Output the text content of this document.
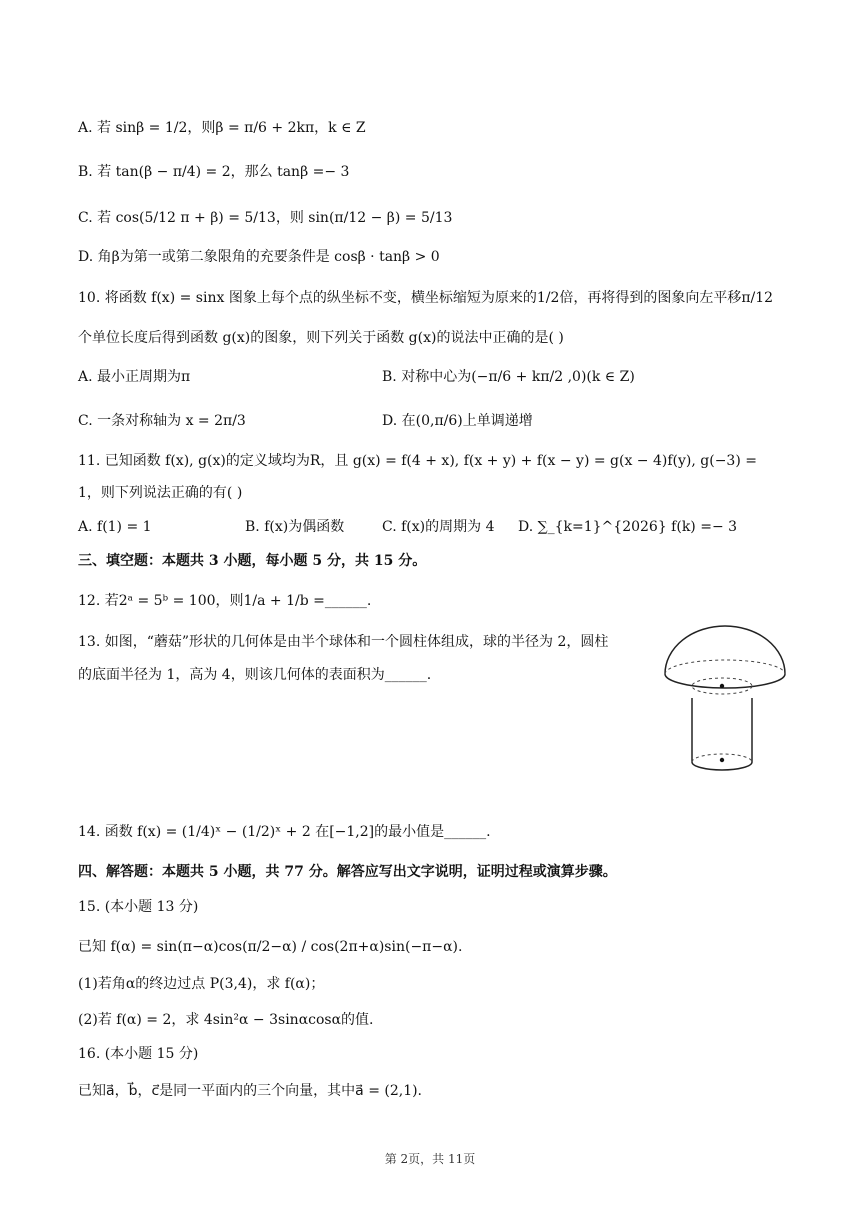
A. 若 sinβ = 1/2，则β = π/6 + 2kπ，k ∈ Z
B. 若 tan(β − π/4) = 2，那么 tanβ =− 3
C. 若 cos(5/12 π + β) = 5/13，则 sin(π/12 − β) = 5/13
D. 角β为第一或第二象限角的充要条件是 cosβ · tanβ > 0
10. 将函数 f(x) = sinx 图象上每个点的纵坐标不变，横坐标缩短为原来的1/2倍，再将得到的图象向左平移π/12
个单位长度后得到函数 g(x)的图象，则下列关于函数 g(x)的说法中正确的是( )
A. 最小正周期为π	B. 对称中心为(−π/6 + kπ/2 ,0)(k ∈ Z)
C. 一条对称轴为 x = 2π/3	D. 在(0,π/6)上单调递增
11. 已知函数 f(x), g(x)的定义域均为R，且 g(x) = f(4 + x), f(x + y) + f(x − y) = g(x − 4)f(y), g(−3) =
1，则下列说法正确的有( )
A. f(1) = 1	B. f(x)为偶函数	C. f(x)的周期为 4 D. ∑_{k=1}^{2026} f(k) =− 3
三、填空题：本题共 3 小题，每小题 5 分，共 15 分。
12. 若2ᵃ = 5ᵇ = 100，则1/a + 1/b =______.
13. 如图，“蘑菇”形状的几何体是由半个球体和一个圆柱体组成，球的半径为 2，圆柱
的底面半径为 1，高为 4，则该几何体的表面积为______.
14. 函数 f(x) = (1/4)ˣ − (1/2)ˣ + 2 在[−1,2]的最小值是______.
四、解答题：本题共 5 小题，共 77 分。解答应写出文字说明，证明过程或演算步骤。
15. (本小题 13 分)
已知 f(α) = sin(π−α)cos(π/2−α) / cos(2π+α)sin(−π−α).
(1)若角α的终边过点 P(3,4)，求 f(α)；
(2)若 f(α) = 2，求 4sin²α − 3sinαcosα的值.
16. (本小题 15 分)
已知a⃗，b⃗，c⃗是同一平面内的三个向量，其中a⃗ = (2,1).
第 2页，共 11页
